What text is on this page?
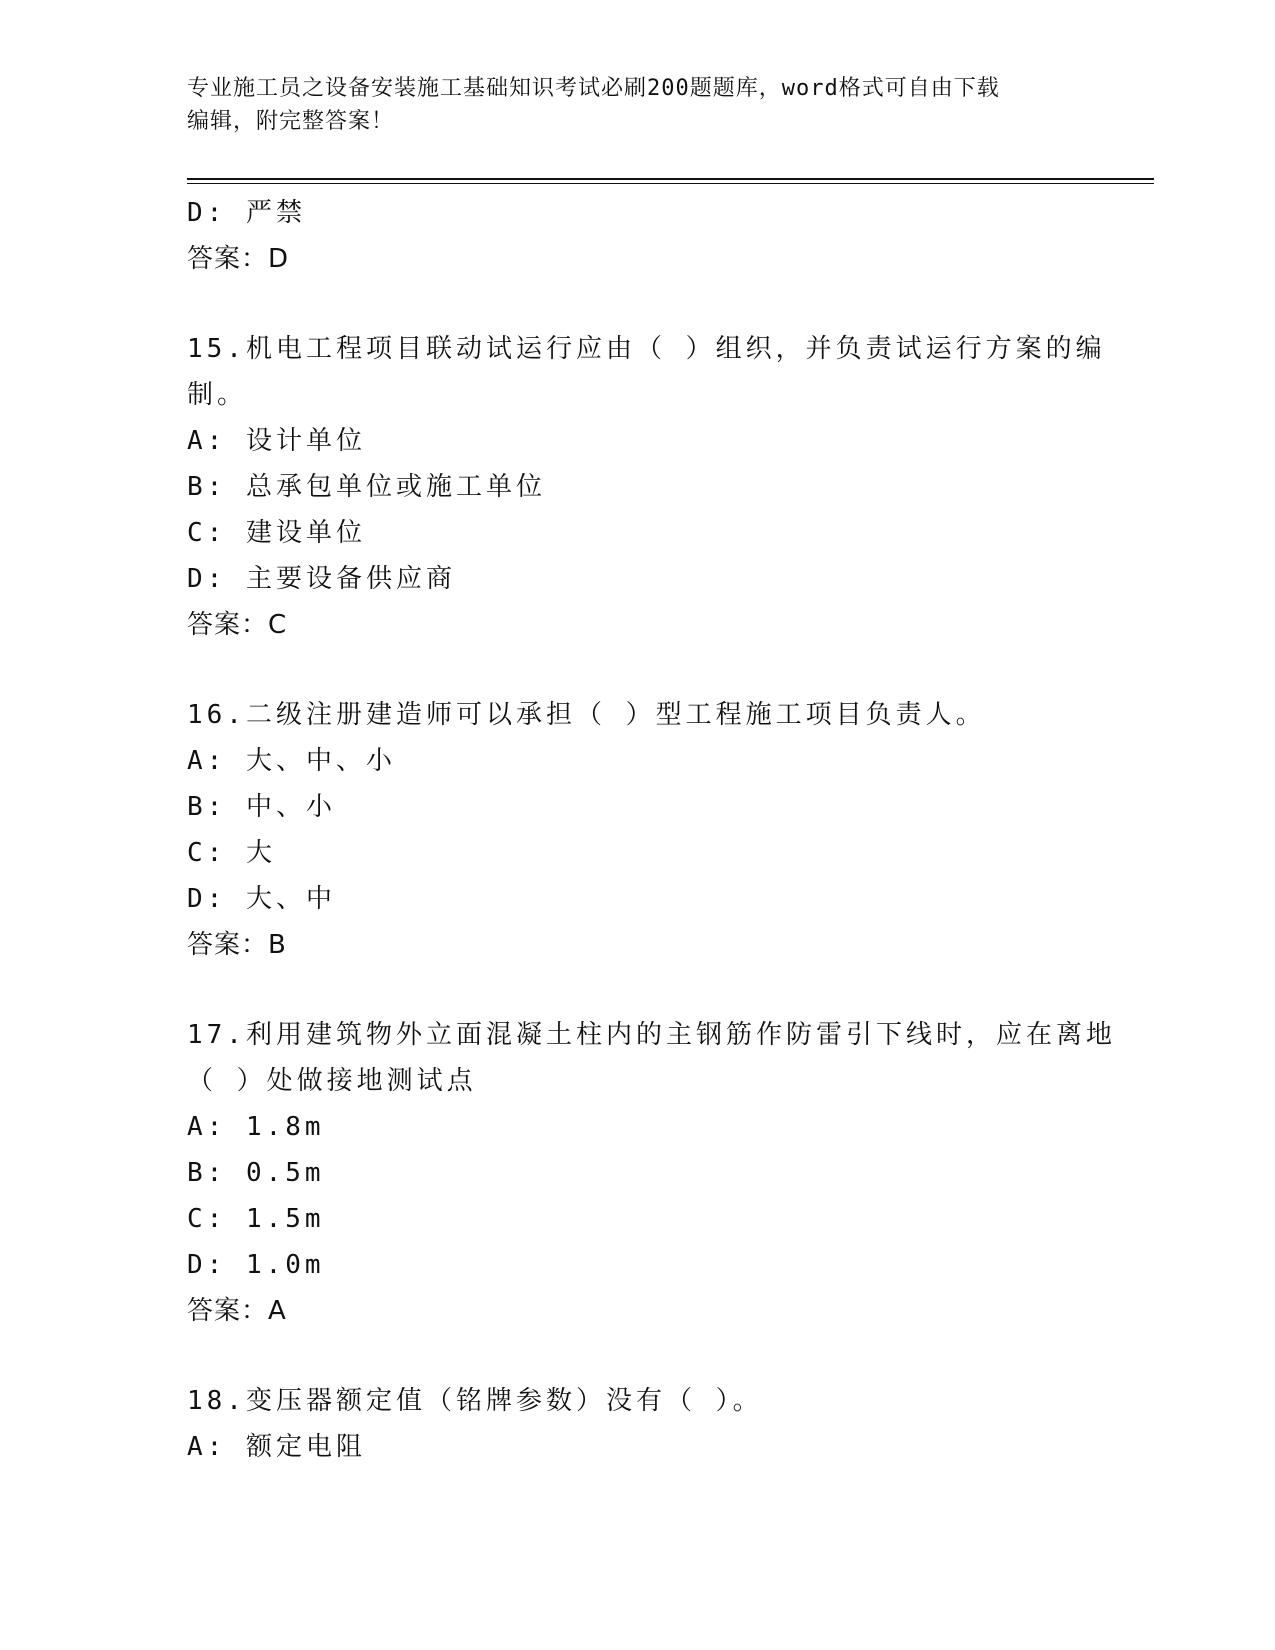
专业施工员之设备安装施工基础知识考试必刷200题题库，word格式可自由下载
编辑，附完整答案！
D: 严禁
答案：D
15.机电工程项目联动试运行应由（ ）组织，并负责试运行方案的编
制。
A: 设计单位
B: 总承包单位或施工单位
C: 建设单位
D: 主要设备供应商
答案：C
16.二级注册建造师可以承担（ ）型工程施工项目负责人。
A: 大、中、小
B: 中、小
C: 大
D: 大、中
答案：B
17.利用建筑物外立面混凝土柱内的主钢筋作防雷引下线时，应在离地
（ ）处做接地测试点
A: 1.8m
B: 0.5m
C: 1.5m
D: 1.0m
答案：A
18.变压器额定值（铭牌参数）没有（ ）。
A: 额定电阻
